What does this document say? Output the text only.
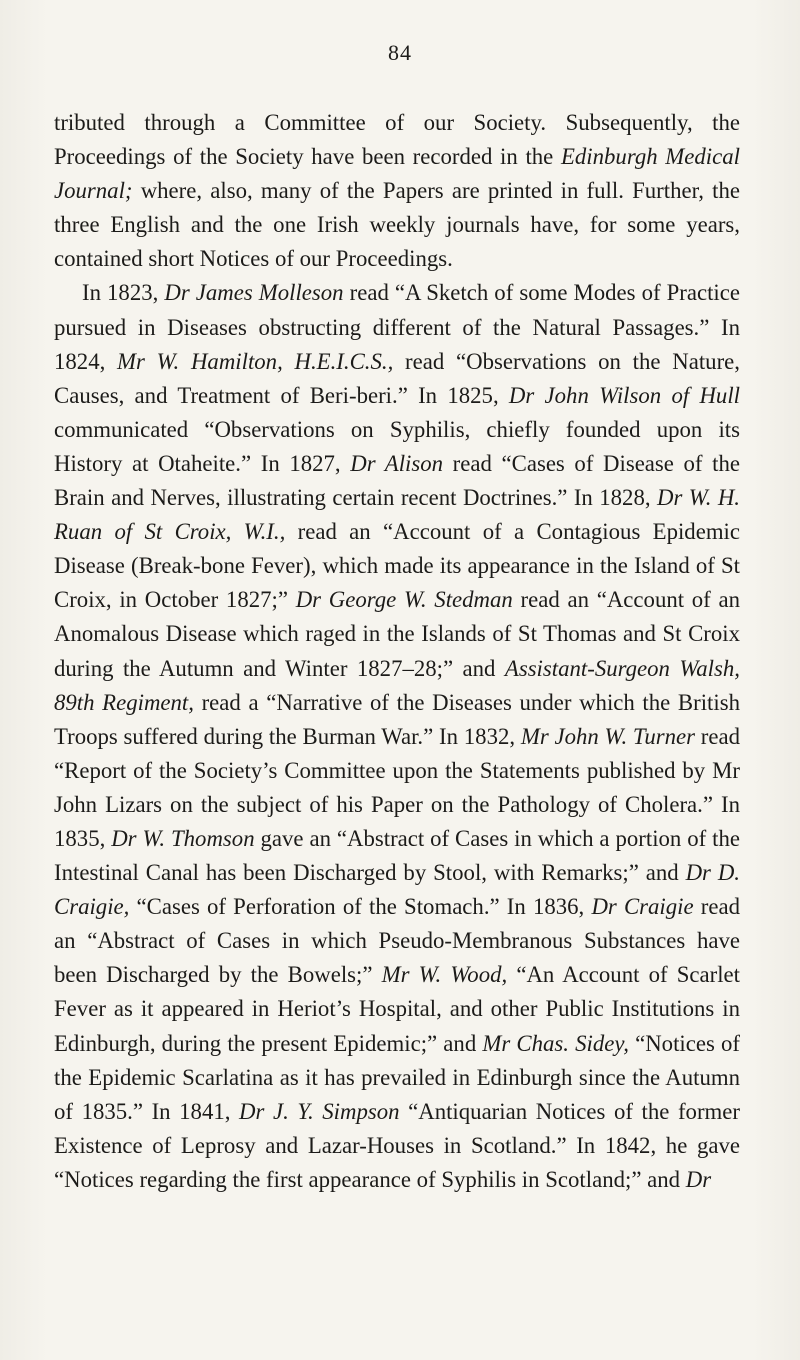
84

tributed through a Committee of our Society. Subsequently, the Proceedings of the Society have been recorded in the Edinburgh Medical Journal; where, also, many of the Papers are printed in full. Further, the three English and the one Irish weekly journals have, for some years, contained short Notices of our Proceedings.

In 1823, Dr James Molleson read “A Sketch of some Modes of Practice pursued in Diseases obstructing different of the Natural Passages.” In 1824, Mr W. Hamilton, H.E.I.C.S., read “Observations on the Nature, Causes, and Treatment of Beri-beri.” In 1825, Dr John Wilson of Hull communicated “Observations on Syphilis, chiefly founded upon its History at Otaheite.” In 1827, Dr Alison read “Cases of Disease of the Brain and Nerves, illustrating certain recent Doctrines.” In 1828, Dr W. H. Ruan of St Croix, W.I., read an “Account of a Contagious Epidemic Disease (Break-bone Fever), which made its appearance in the Island of St Croix, in October 1827;” Dr George W. Stedman read an “Account of an Anomalous Disease which raged in the Islands of St Thomas and St Croix during the Autumn and Winter 1827–28;” and Assistant-Surgeon Walsh, 89th Regiment, read a “Narrative of the Diseases under which the British Troops suffered during the Burman War.” In 1832, Mr John W. Turner read “Report of the Society’s Committee upon the Statements published by Mr John Lizars on the subject of his Paper on the Pathology of Cholera.” In 1835, Dr W. Thomson gave an “Abstract of Cases in which a portion of the Intestinal Canal has been Discharged by Stool, with Remarks;” and Dr D. Craigie, “Cases of Perforation of the Stomach.” In 1836, Dr Craigie read an “Abstract of Cases in which Pseudo-Membranous Substances have been Discharged by the Bowels;” Mr W. Wood, “An Account of Scarlet Fever as it appeared in Heriot’s Hospital, and other Public Institutions in Edinburgh, during the present Epidemic;” and Mr Chas. Sidey, “Notices of the Epidemic Scarlatina as it has prevailed in Edinburgh since the Autumn of 1835.” In 1841, Dr J. Y. Simpson “Antiquarian Notices of the former Existence of Leprosy and Lazar-Houses in Scotland.” In 1842, he gave “Notices regarding the first appearance of Syphilis in Scotland;” and Dr
